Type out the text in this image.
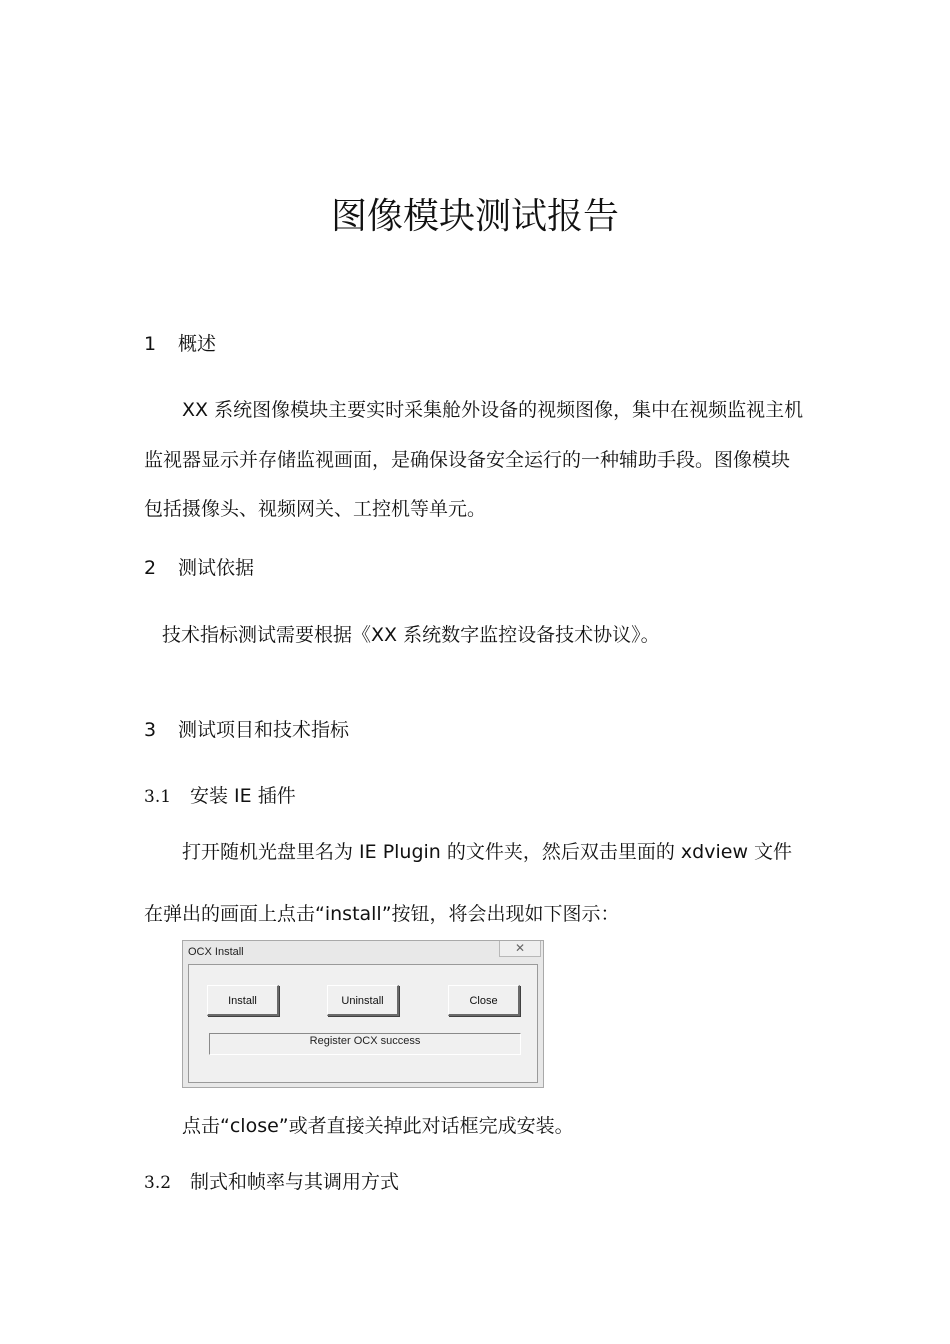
图像模块测试报告
1 概述
XX 系统图像模块主要实时采集舱外设备的视频图像，集中在视频监视主机
监视器显示并存储监视画面，是确保设备安全运行的一种辅助手段。图像模块
包括摄像头、视频网关、工控机等单元。
2 测试依据
技术指标测试需要根据《XX 系统数字监控设备技术协议》。
3 测试项目和技术指标
3.1 安装 IE 插件
打开随机光盘里名为 IE Plugin 的文件夹，然后双击里面的 xdview 文件
在弹出的画面上点击“install”按钮，将会出现如下图示：
OCX Install	✕
Install	Uninstall	Close
Register OCX success
点击“close”或者直接关掉此对话框完成安装。
3.2 制式和帧率与其调用方式
